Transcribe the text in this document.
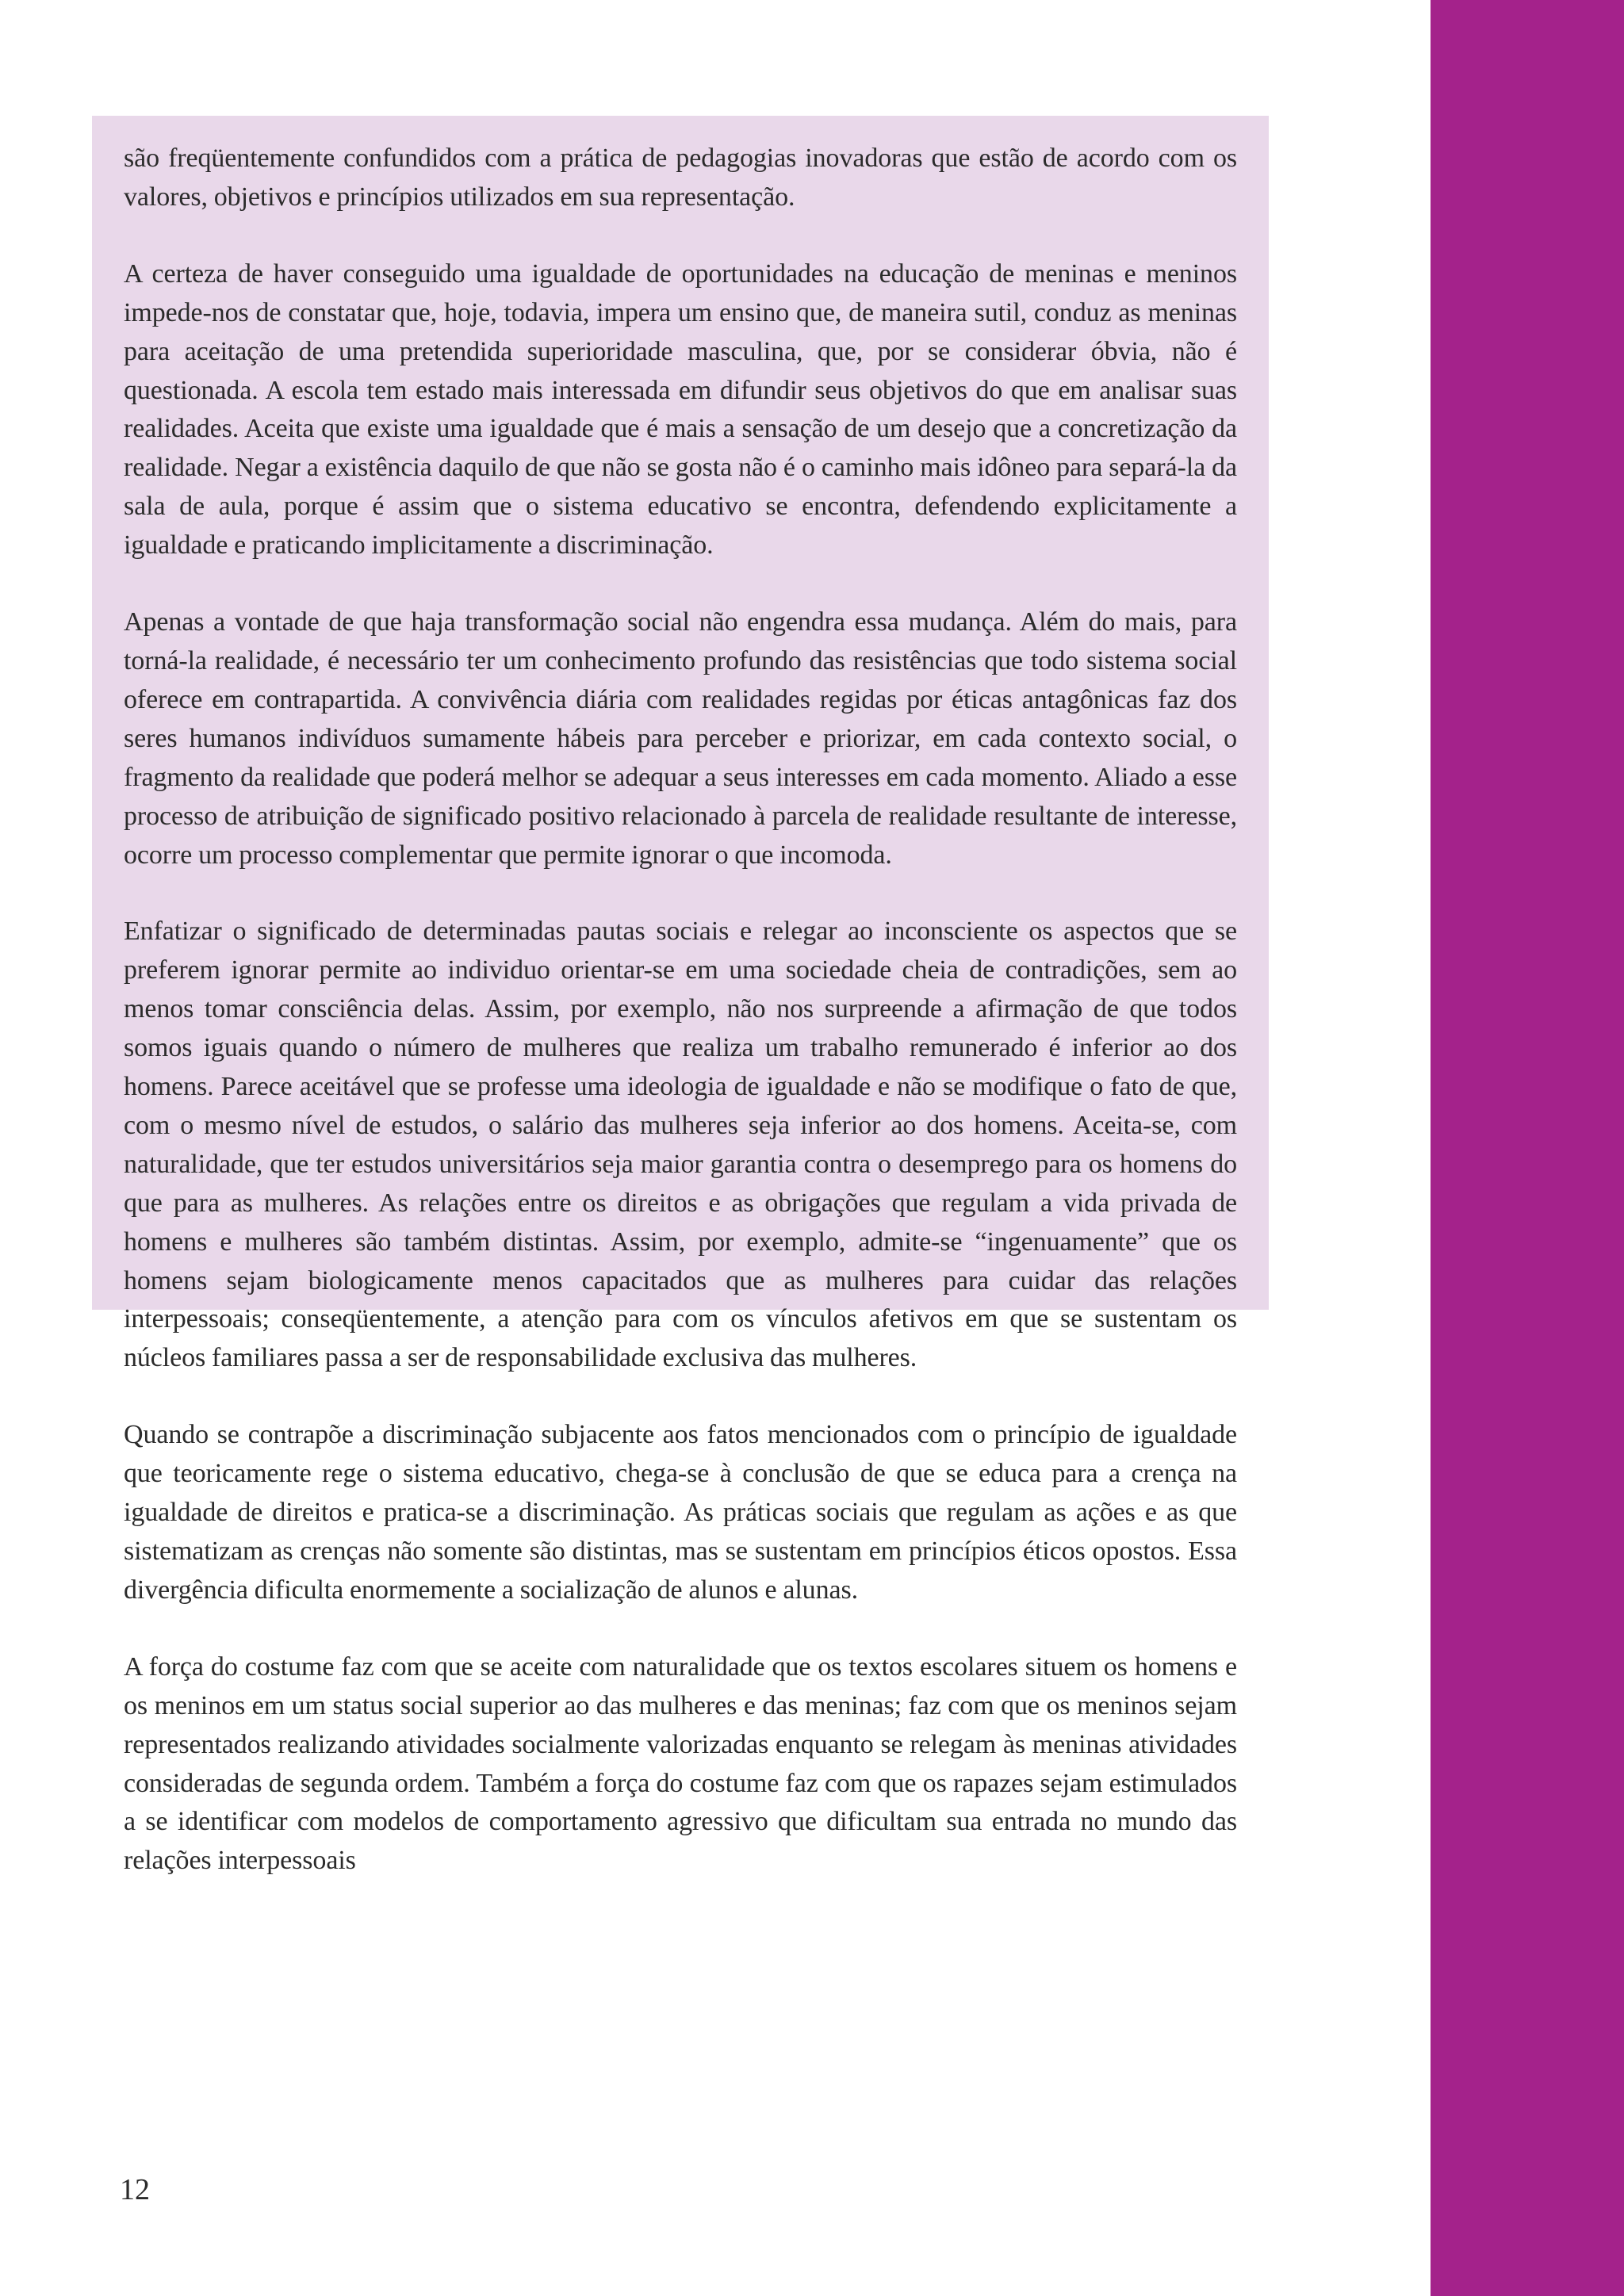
são freqüentemente confundidos com a prática de pedagogias inovadoras que estão de acordo com os valores, objetivos e princípios utilizados em sua representação.

A certeza de haver conseguido uma igualdade de oportunidades na educação de meninas e meninos impede-nos de constatar que, hoje, todavia, impera um ensino que, de maneira sutil, conduz as meninas para aceitação de uma pretendida superioridade masculina, que, por se considerar óbvia, não é questionada. A escola tem estado mais interessada em difundir seus objetivos do que em analisar suas realidades. Aceita que existe uma igualdade que é mais a sensação de um desejo que a concretização da realidade. Negar a existência daquilo de que não se gosta não é o caminho mais idôneo para separá-la da sala de aula, porque é assim que o sistema educativo se encontra, defendendo explicitamente a igualdade e praticando implicitamente a discriminação.

Apenas a vontade de que haja transformação social não engendra essa mudança. Além do mais, para torná-la realidade, é necessário ter um conhecimento profundo das resistências que todo sistema social oferece em contrapartida. A convivência diária com realidades regidas por éticas antagônicas faz dos seres humanos indivíduos sumamente hábeis para perceber e priorizar, em cada contexto social, o fragmento da realidade que poderá melhor se adequar a seus interesses em cada momento. Aliado a esse processo de atribuição de significado positivo relacionado à parcela de realidade resultante de interesse, ocorre um processo complementar que permite ignorar o que incomoda.

Enfatizar o significado de determinadas pautas sociais e relegar ao inconsciente os aspectos que se preferem ignorar permite ao individuo orientar-se em uma sociedade cheia de contradições, sem ao menos tomar consciência delas. Assim, por exemplo, não nos surpreende a afirmação de que todos somos iguais quando o número de mulheres que realiza um trabalho remunerado é inferior ao dos homens. Parece aceitável que se professe uma ideologia de igualdade e não se modifique o fato de que, com o mesmo nível de estudos, o salário das mulheres seja inferior ao dos homens. Aceita-se, com naturalidade, que ter estudos universitários seja maior garantia contra o desemprego para os homens do que para as mulheres. As relações entre os direitos e as obrigações que regulam a vida privada de homens e mulheres são também distintas. Assim, por exemplo, admite-se “ingenuamente” que os homens sejam biologicamente menos capacitados que as mulheres para cuidar das relações interpessoais; conseqüentemente, a atenção para com os vínculos afetivos em que se sustentam os núcleos familiares passa a ser de responsabilidade exclusiva das mulheres.

Quando se contrapõe a discriminação subjacente aos fatos mencionados com o princípio de igualdade que teoricamente rege o sistema educativo, chega-se à conclusão de que se educa para a crença na igualdade de direitos e pratica-se a discriminação. As práticas sociais que regulam as ações e as que sistematizam as crenças não somente são distintas, mas se sustentam em princípios éticos opostos. Essa divergência dificulta enormemente a socialização de alunos e alunas.

A força do costume faz com que se aceite com naturalidade que os textos escolares situem os homens e os meninos em um status social superior ao das mulheres e das meninas; faz com que os meninos sejam representados realizando atividades socialmente valorizadas enquanto se relegam às meninas atividades consideradas de segunda ordem. Também a força do costume faz com que os rapazes sejam estimulados a se identificar com modelos de comportamento agressivo que dificultam sua entrada no mundo das relações interpessoais

12
